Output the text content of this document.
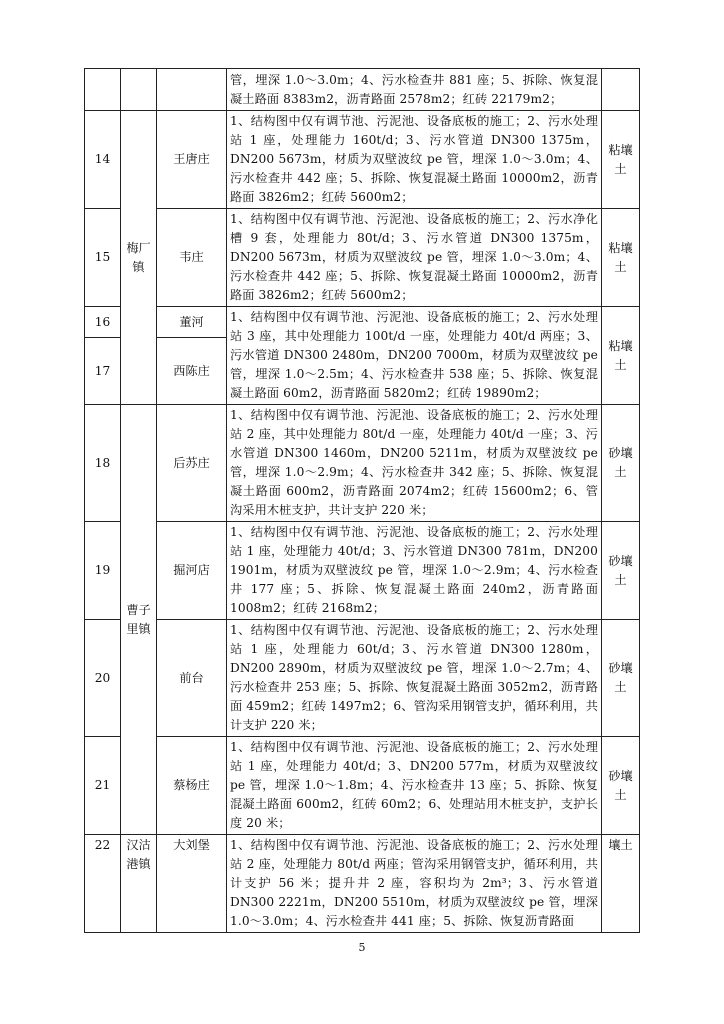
			管，埋深 1.0～3.0m；4、污水检查井 881 座；5、拆除、恢复混凝土路面 8383m2，沥青路面 2578m2；红砖 22179m2；	
14	梅厂镇	王唐庄	1、结构图中仅有调节池、污泥池、设备底板的施工；2、污水处理站 1 座，处理能力 160t/d；3、污水管道 DN300 1375m，DN200 5673m，材质为双壁波纹 pe 管，埋深 1.0～3.0m；4、污水检查井 442 座；5、拆除、恢复混凝土路面 10000m2，沥青路面 3826m2；红砖 5600m2；	粘壤土
15		韦庄	1、结构图中仅有调节池、污泥池、设备底板的施工；2、污水净化槽 9 套，处理能力 80t/d；3、污水管道 DN300 1375m，DN200 5673m，材质为双壁波纹 pe 管，埋深 1.0～3.0m；4、污水检查井 442 座；5、拆除、恢复混凝土路面 10000m2，沥青路面 3826m2；红砖 5600m2；	粘壤土
16		董河	1、结构图中仅有调节池、污泥池、设备底板的施工；2、污水处理站 3 座，其中处理能力 100t/d 一座，处理能力 40t/d 两座；3、污水管道 DN300 2480m，DN200 7000m，材质为双壁波纹 pe 管，埋深 1.0～2.5m；4、污水检查井 538 座；5、拆除、恢复混凝土路面 60m2，沥青路面 5820m2；红砖 19890m2；	粘壤土
17		西陈庄		
18	曹子里镇	后苏庄	1、结构图中仅有调节池、污泥池、设备底板的施工；2、污水处理站 2 座，其中处理能力 80t/d 一座，处理能力 40t/d 一座；3、污水管道 DN300 1460m，DN200 5211m，材质为双壁波纹 pe 管，埋深 1.0～2.9m；4、污水检查井 342 座；5、拆除、恢复混凝土路面 600m2，沥青路面 2074m2；红砖 15600m2；6、管沟采用木桩支护，共计支护 220 米；	砂壤土
19		掘河店	1、结构图中仅有调节池、污泥池、设备底板的施工；2、污水处理站 1 座，处理能力 40t/d；3、污水管道 DN300 781m，DN200 1901m，材质为双壁波纹 pe 管，埋深 1.0～2.9m；4、污水检查井 177 座；5、拆除、恢复混凝土路面 240m2，沥青路面 1008m2；红砖 2168m2；	砂壤土
20		前台	1、结构图中仅有调节池、污泥池、设备底板的施工；2、污水处理站 1 座，处理能力 60t/d；3、污水管道 DN300 1280m，DN200 2890m，材质为双壁波纹 pe 管，埋深 1.0～2.7m；4、污水检查井 253 座；5、拆除、恢复混凝土路面 3052m2，沥青路面 459m2；红砖 1497m2；6、管沟采用钢管支护，循环利用，共计支护 220 米；	砂壤土
21		蔡杨庄	1、结构图中仅有调节池、污泥池、设备底板的施工；2、污水处理站 1 座，处理能力 40t/d；3、DN200 577m，材质为双壁波纹 pe 管，埋深 1.0～1.8m；4、污水检查井 13 座；5、拆除、恢复混凝土路面 600m2，红砖 60m2；6、处理站用木桩支护，支护长度 20 米；	砂壤土
22	汉沽港镇	大刘堡	1、结构图中仅有调节池、污泥池、设备底板的施工；2、污水处理站 2 座，处理能力 80t/d 两座；管沟采用钢管支护，循环利用，共计支护 56 米；提升井 2 座，容积均为 2m³；3、污水管道 DN300 2221m，DN200 5510m，材质为双壁波纹 pe 管，埋深 1.0～3.0m；4、污水检查井 441 座；5、拆除、恢复沥青路面	壤土
5
